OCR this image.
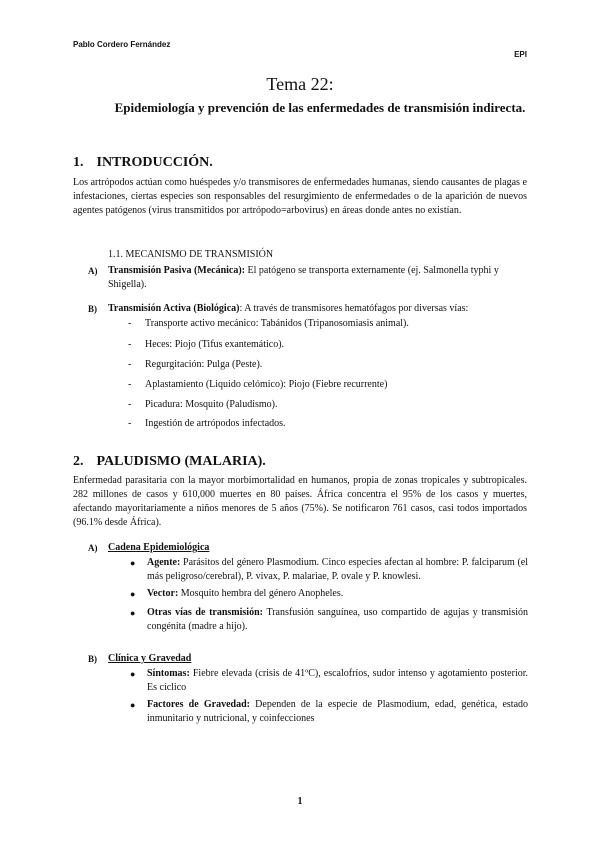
Pablo Cordero Fernández
EPI
Tema 22:
Epidemiología y prevención de las enfermedades de transmisión indirecta.
1. INTRODUCCIÓN.
Los artrópodos actúan como huéspedes y/o transmisores de enfermedades humanas, siendo causantes de plagas e infestaciones, ciertas especies son responsables del resurgimiento de enfermedades o de la aparición de nuevos agentes patógenos (virus transmitidos por artrópodo=arbovirus) en áreas donde antes no existían.
1.1. MECANISMO DE TRANSMISIÓN
A) Transmisión Pasiva (Mecánica): El patógeno se transporta externamente (ej. Salmonella typhi y Shigella).
B) Transmisión Activa (Biológica): A través de transmisores hematófagos por diversas vías:
- Transporte activo mecánico: Tabánidos (Tripanosomiasis animal).
- Heces: Piojo (Tifus exantemático).
- Regurgitación: Pulga (Peste).
- Aplastamiento (Liquido celómico): Piojo (Fiebre recurrente)
- Picadura: Mosquito (Paludismo).
- Ingestión de artrópodos infectados.
2. PALUDISMO (MALARIA).
Enfermedad parasitaria con la mayor morbimortalidad en humanos, propia de zonas tropicales y subtropicales. 282 millones de casos y 610,000 muertes en 80 países. África concentra el 95% de los casos y muertes, afectando mayoritariamente a niños menores de 5 años (75%). Se notificaron 761 casos, casi todos importados (96.1% desde África).
A) Cadena Epidemiológica
● Agente: Parásitos del género Plasmodium. Cinco especies afectan al hombre: P. falciparum (el más peligroso/cerebral), P. vivax, P. malariae, P. ovale y P. knowlesi.
● Vector: Mosquito hembra del género Anopheles.
● Otras vías de transmisión: Transfusión sanguínea, uso compartido de agujas y transmisión congénita (madre a hijo).
B) Clínica y Gravedad
● Síntomas: Fiebre elevada (crisis de 41ºC), escalofríos, sudor intenso y agotamiento posterior. Es cíclico
● Factores de Gravedad: Dependen de la especie de Plasmodium, edad, genética, estado inmunitario y nutricional, y coinfecciones
1
